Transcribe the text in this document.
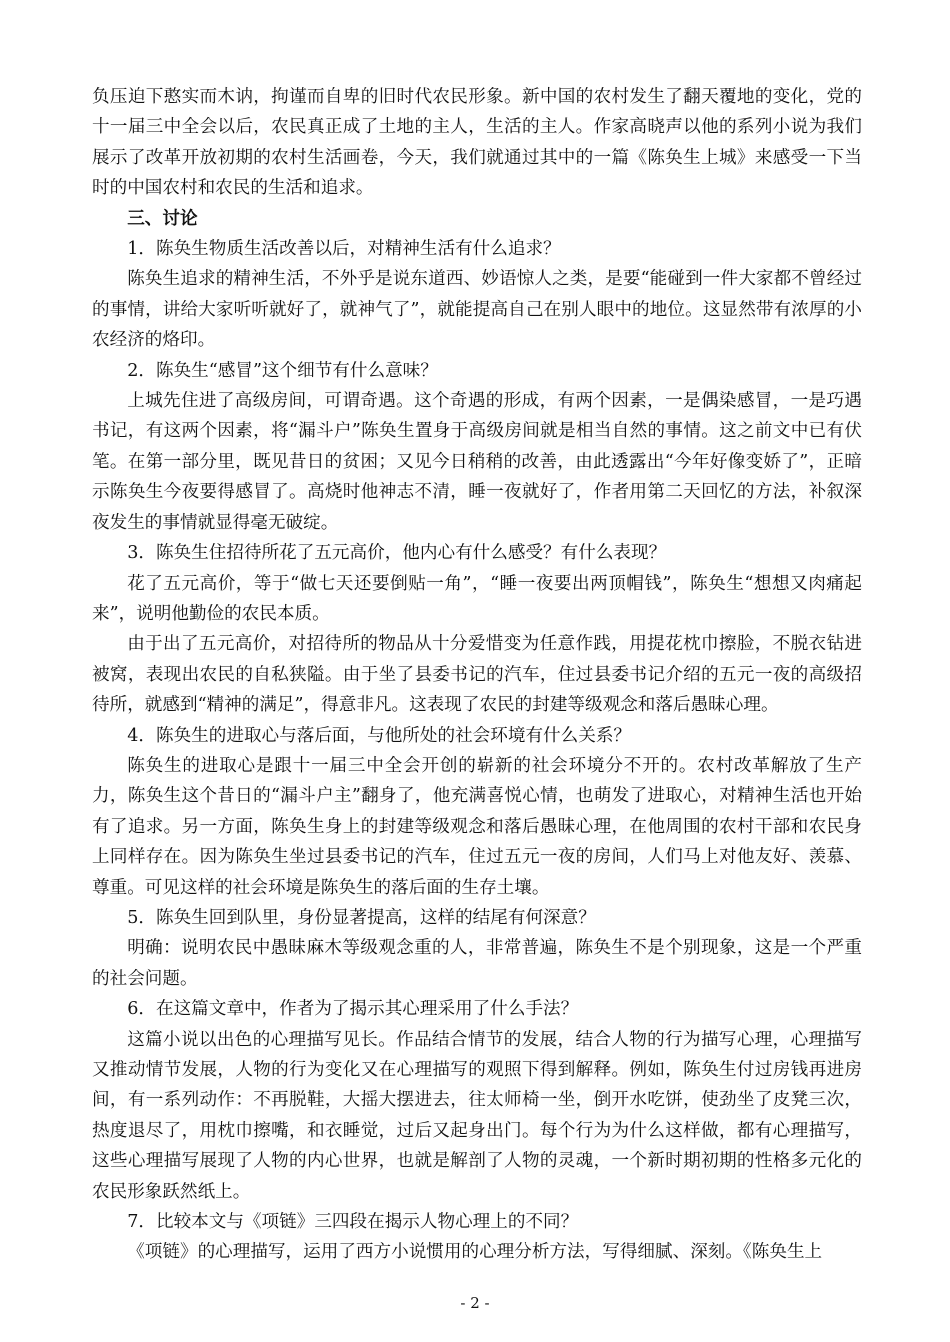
负压迫下憨实而木讷，拘谨而自卑的旧时代农民形象。新中国的农村发生了翻天覆地的变化，党的十一届三中全会以后，农民真正成了土地的主人，生活的主人。作家高晓声以他的系列小说为我们展示了改革开放初期的农村生活画卷，今天，我们就通过其中的一篇《陈奂生上城》来感受一下当时的中国农村和农民的生活和追求。

三、讨论

1．陈奂生物质生活改善以后，对精神生活有什么追求？

陈奂生追求的精神生活，不外乎是说东道西、妙语惊人之类，是要“能碰到一件大家都不曾经过的事情，讲给大家听听就好了，就神气了”，就能提高自己在别人眼中的地位。这显然带有浓厚的小农经济的烙印。

2．陈奂生“感冒”这个细节有什么意味？

上城先住进了高级房间，可谓奇遇。这个奇遇的形成，有两个因素，一是偶染感冒，一是巧遇书记，有这两个因素，将“漏斗户”陈奂生置身于高级房间就是相当自然的事情。这之前文中已有伏笔。在第一部分里，既见昔日的贫困；又见今日稍稍的改善，由此透露出“今年好像变娇了”，正暗示陈奂生今夜要得感冒了。高烧时他神志不清，睡一夜就好了，作者用第二天回忆的方法，补叙深夜发生的事情就显得毫无破绽。

3．陈奂生住招待所花了五元高价，他内心有什么感受？有什么表现？

花了五元高价，等于“做七天还要倒贴一角”，“睡一夜要出两顶帽钱”，陈奂生“想想又肉痛起来”，说明他勤俭的农民本质。

由于出了五元高价，对招待所的物品从十分爱惜变为任意作践，用提花枕巾擦脸，不脱衣钻进被窝，表现出农民的自私狭隘。由于坐了县委书记的汽车，住过县委书记介绍的五元一夜的高级招待所，就感到“精神的满足”，得意非凡。这表现了农民的封建等级观念和落后愚昧心理。

4．陈奂生的进取心与落后面，与他所处的社会环境有什么关系？

陈奂生的进取心是跟十一届三中全会开创的崭新的社会环境分不开的。农村改革解放了生产力，陈奂生这个昔日的“漏斗户主”翻身了，他充满喜悦心情，也萌发了进取心，对精神生活也开始有了追求。另一方面，陈奂生身上的封建等级观念和落后愚昧心理，在他周围的农村干部和农民身上同样存在。因为陈奂生坐过县委书记的汽车，住过五元一夜的房间，人们马上对他友好、羡慕、尊重。可见这样的社会环境是陈奂生的落后面的生存土壤。

5．陈奂生回到队里，身份显著提高，这样的结尾有何深意？

明确：说明农民中愚昧麻木等级观念重的人，非常普遍，陈奂生不是个别现象，这是一个严重的社会问题。

6．在这篇文章中，作者为了揭示其心理采用了什么手法？

这篇小说以出色的心理描写见长。作品结合情节的发展，结合人物的行为描写心理，心理描写又推动情节发展，人物的行为变化又在心理描写的观照下得到解释。例如，陈奂生付过房钱再进房间，有一系列动作：不再脱鞋，大摇大摆进去，往太师椅一坐，倒开水吃饼，使劲坐了皮凳三次，热度退尽了，用枕巾擦嘴，和衣睡觉，过后又起身出门。每个行为为什么这样做，都有心理描写，这些心理描写展现了人物的内心世界，也就是解剖了人物的灵魂，一个新时期初期的性格多元化的农民形象跃然纸上。

7．比较本文与《项链》三四段在揭示人物心理上的不同？

《项链》的心理描写，运用了西方小说惯用的心理分析方法，写得细腻、深刻。《陈奂生上

- 2 -
